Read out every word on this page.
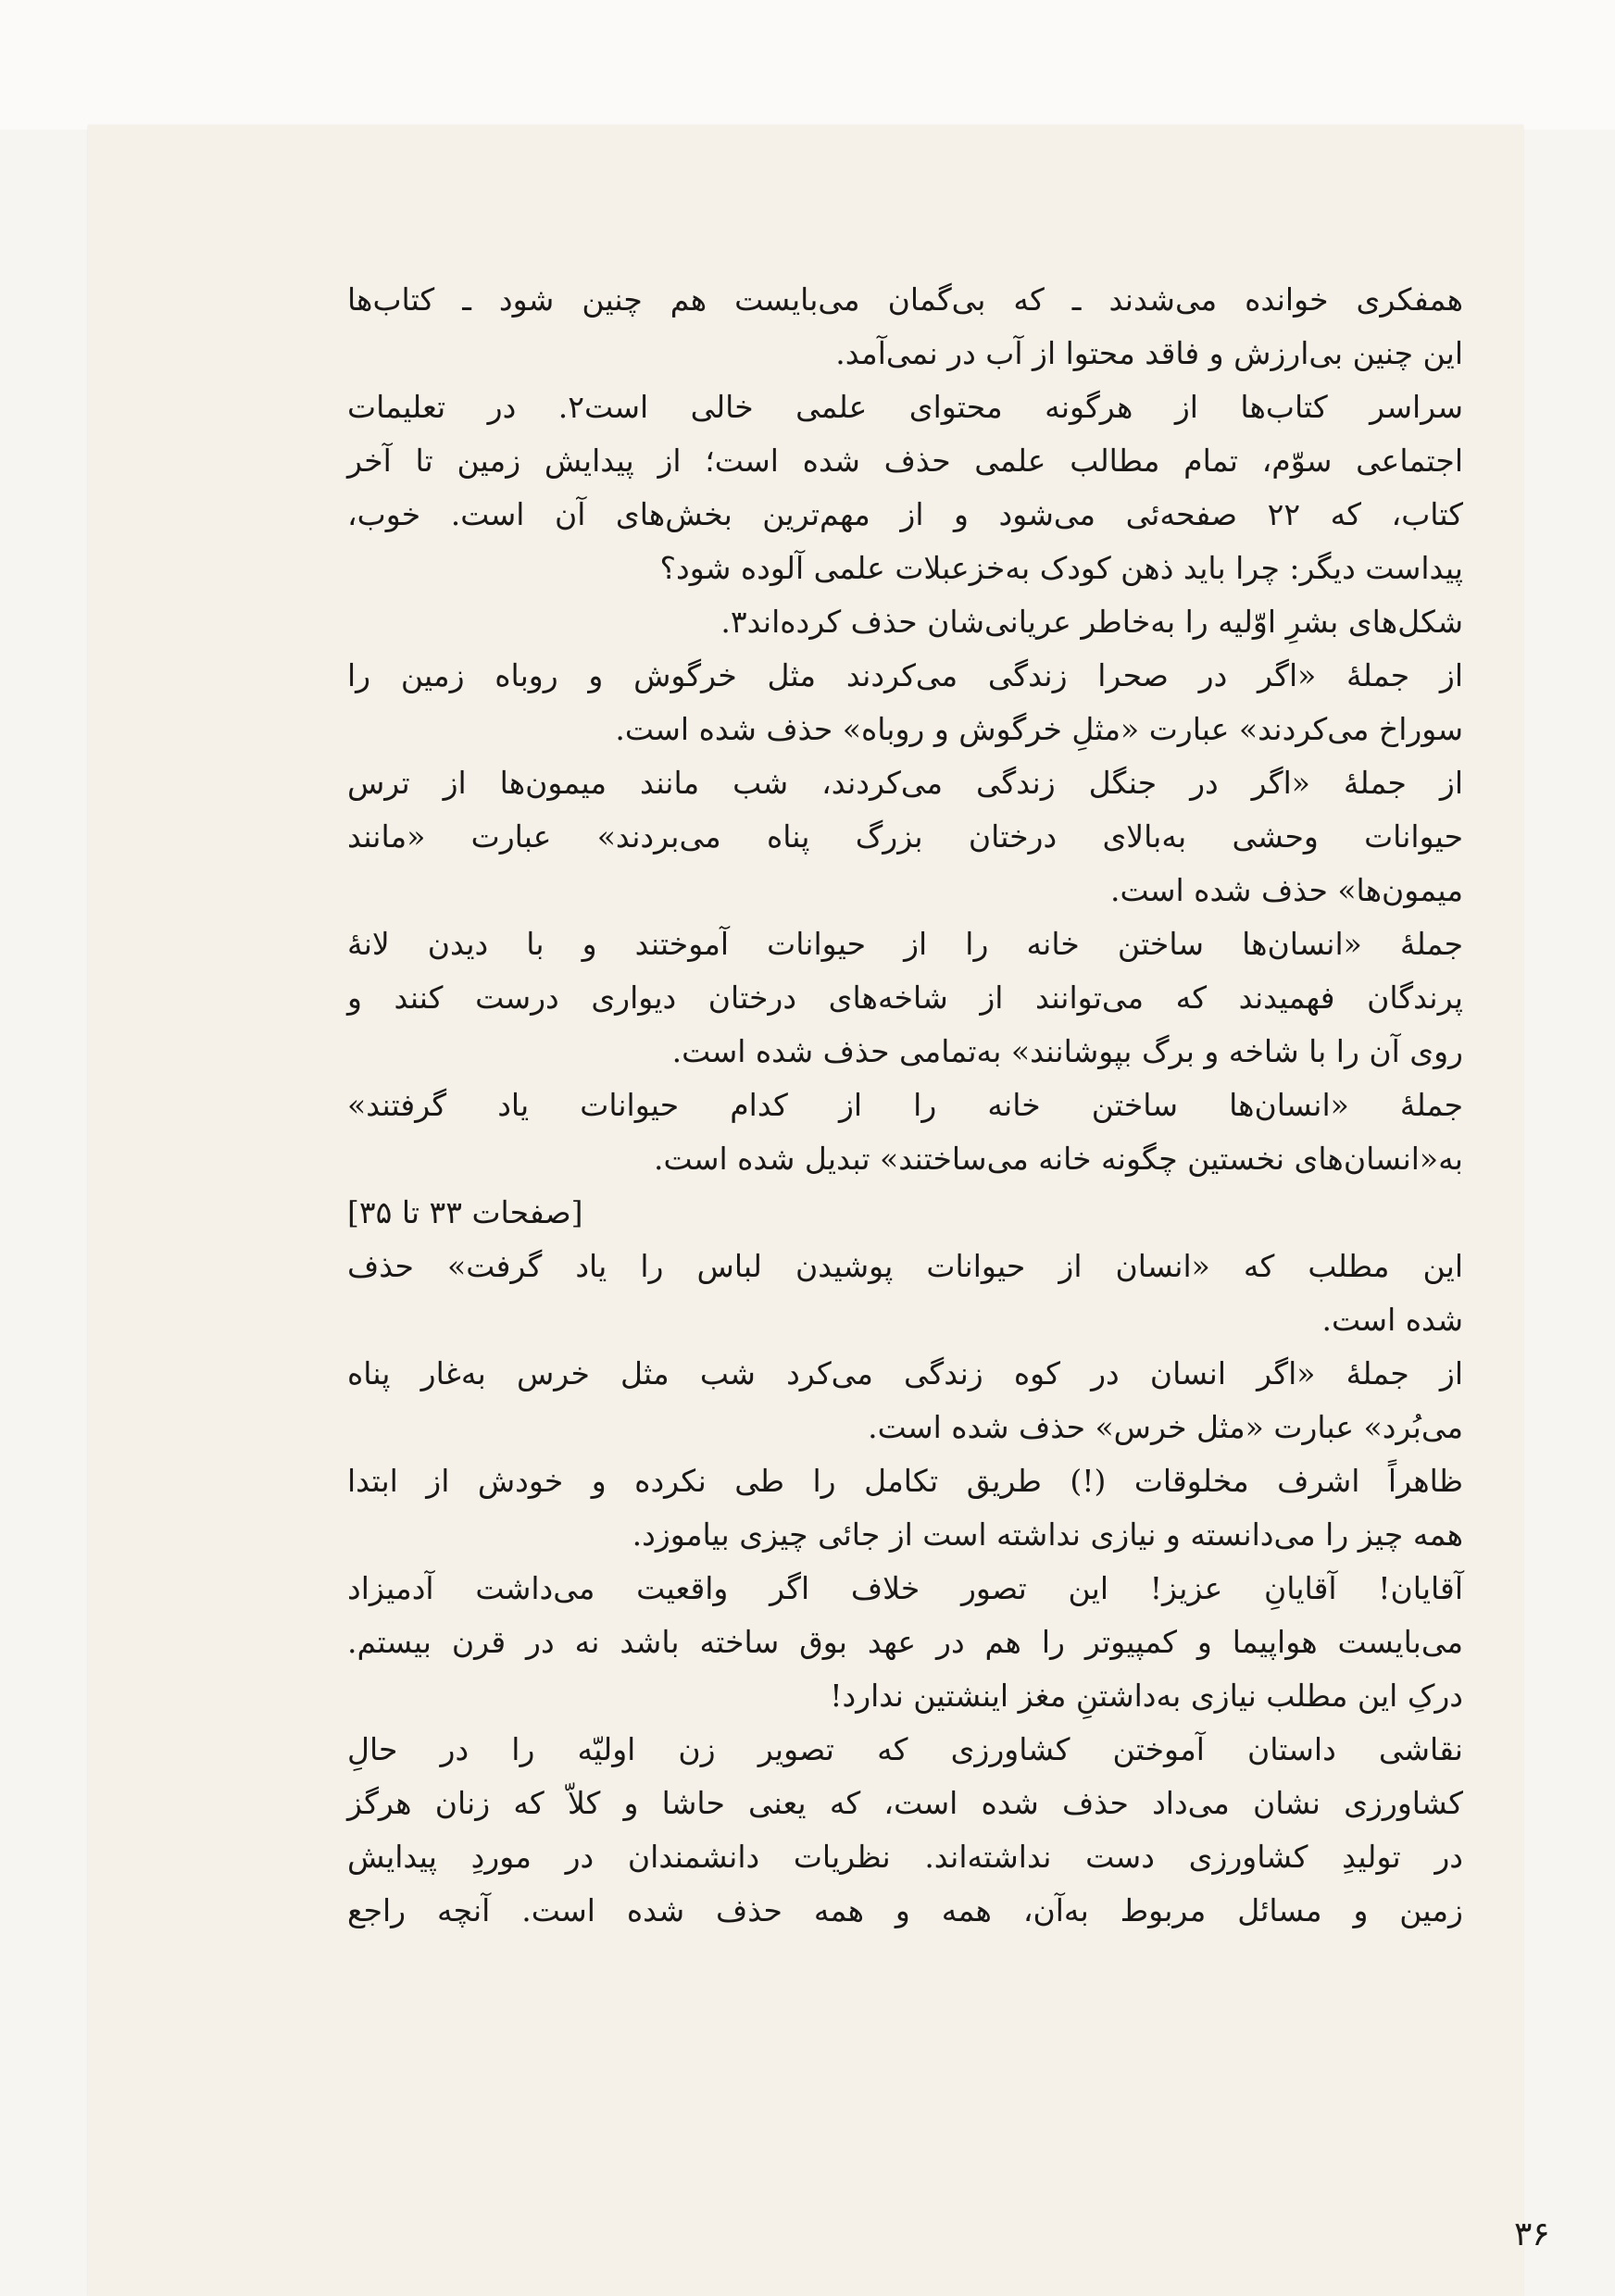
همفکری خوانده می‌شدند ـ که بی‌گمان می‌بایست هم چنین شود ـ کتاب‌ها
این چنین بی‌ارزش و فاقد محتوا از آب در نمی‌آمد.
سراسر کتاب‌ها از هرگونه محتوای علمی خالی است۲. در تعلیمات
اجتماعی سوّم، تمام مطالب علمی حذف شده است؛ از پیدایش زمین تا آخر
کتاب، که ۲۲ صفحه‌ئی می‌شود و از مهم‌ترین بخش‌های آن است. خوب،
پیداست دیگر: چرا باید ذهن کودک به‌خزعبلات علمی آلوده شود؟
شکل‌های بشرِ اوّلیه را به‌خاطر عریانی‌شان حذف کرده‌اند۳.
از جملهٔ «اگر در صحرا زندگی می‌کردند مثل خرگوش و روباه زمین را
سوراخ می‌کردند» عبارت «مثلِ خرگوش و روباه» حذف شده است.
از جملهٔ «اگر در جنگل زندگی می‌کردند، شب مانند میمون‌ها از ترس
حیوانات وحشی به‌بالای درختان بزرگ پناه می‌بردند» عبارت «مانند
میمون‌ها» حذف شده است.
جملهٔ «انسان‌ها ساختن خانه را از حیوانات آموختند و با دیدن لانهٔ
پرندگان فهمیدند که می‌توانند از شاخه‌های درختان دیواری درست کنند و
روی آن را با شاخه و برگ بپوشانند» به‌تمامی حذف شده است.
جملهٔ «انسان‌ها ساختن خانه را از کدام حیوانات یاد گرفتند»
به«انسان‌های نخستین چگونه خانه می‌ساختند» تبدیل شده است.
[صفحات ۳۳ تا ۳۵]
این مطلب که «انسان از حیوانات پوشیدن لباس را یاد گرفت» حذف
شده است.
از جملهٔ «اگر انسان در کوه زندگی می‌کرد شب مثل خرس به‌غار پناه
می‌بُرد» عبارت «مثل خرس» حذف شده است.
ظاهراً اشرف مخلوقات (!) طریق تکامل را طی نکرده و خودش از ابتدا
همه چیز را می‌دانسته و نیازی نداشته است از جائی چیزی بیاموزد.
آقایان! آقایانِ عزیز! این تصور خلاف اگر واقعیت می‌داشت آدمیزاد
می‌بایست هواپیما و کمپیوتر را هم در عهد بوق ساخته باشد نه در قرن بیستم.
درکِ این مطلب نیازی به‌داشتنِ مغز اینشتین ندارد!
نقاشی داستان آموختن کشاورزی که تصویر زن اولیّه را در حالِ
کشاورزی نشان می‌داد حذف شده است، که یعنی حاشا و کلاّ که زنان هرگز
در تولیدِ کشاورزی دست نداشته‌اند. نظریات دانشمندان در موردِ پیدایش
زمین و مسائل مربوط به‌آن، همه و همه حذف شده است. آنچه راجع
۳۶
